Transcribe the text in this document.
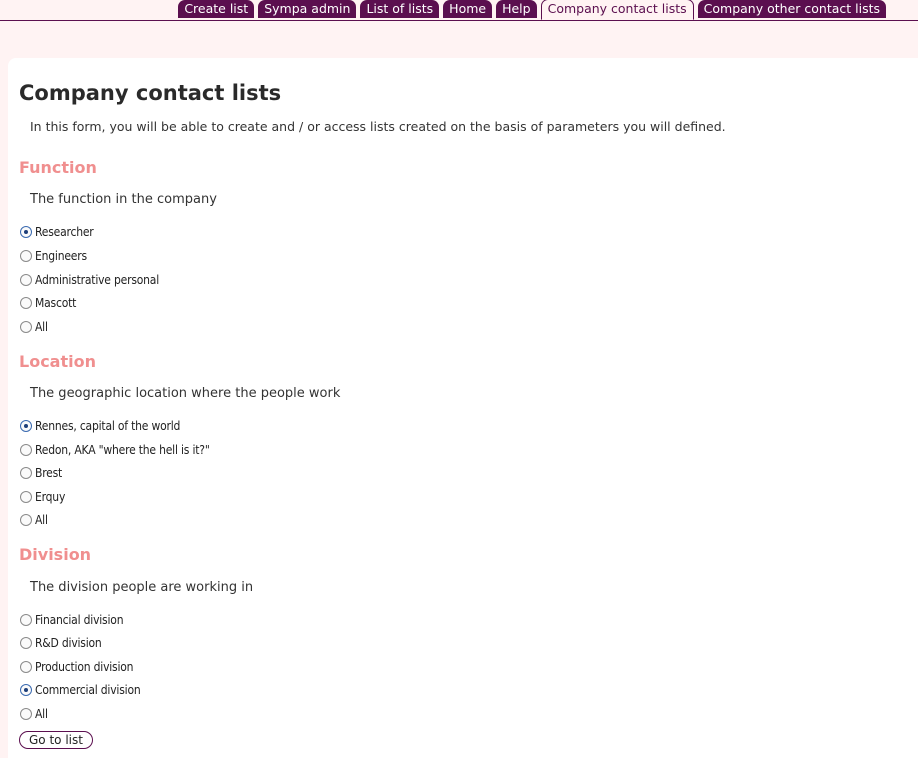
Create list	Sympa admin	List of lists	Home	Help	Company contact lists	Company other contact lists
Company contact lists
In this form, you will be able to create and / or access lists created on the basis of parameters you will defined.
Function
The function in the company
Researcher
Engineers
Administrative personal
Mascott
All
Location
The geographic location where the people work
Rennes, capital of the world
Redon, AKA "where the hell is it?"
Brest
Erquy
All
Division
The division people are working in
Financial division
R&D division
Production division
Commercial division
All
Go to list
